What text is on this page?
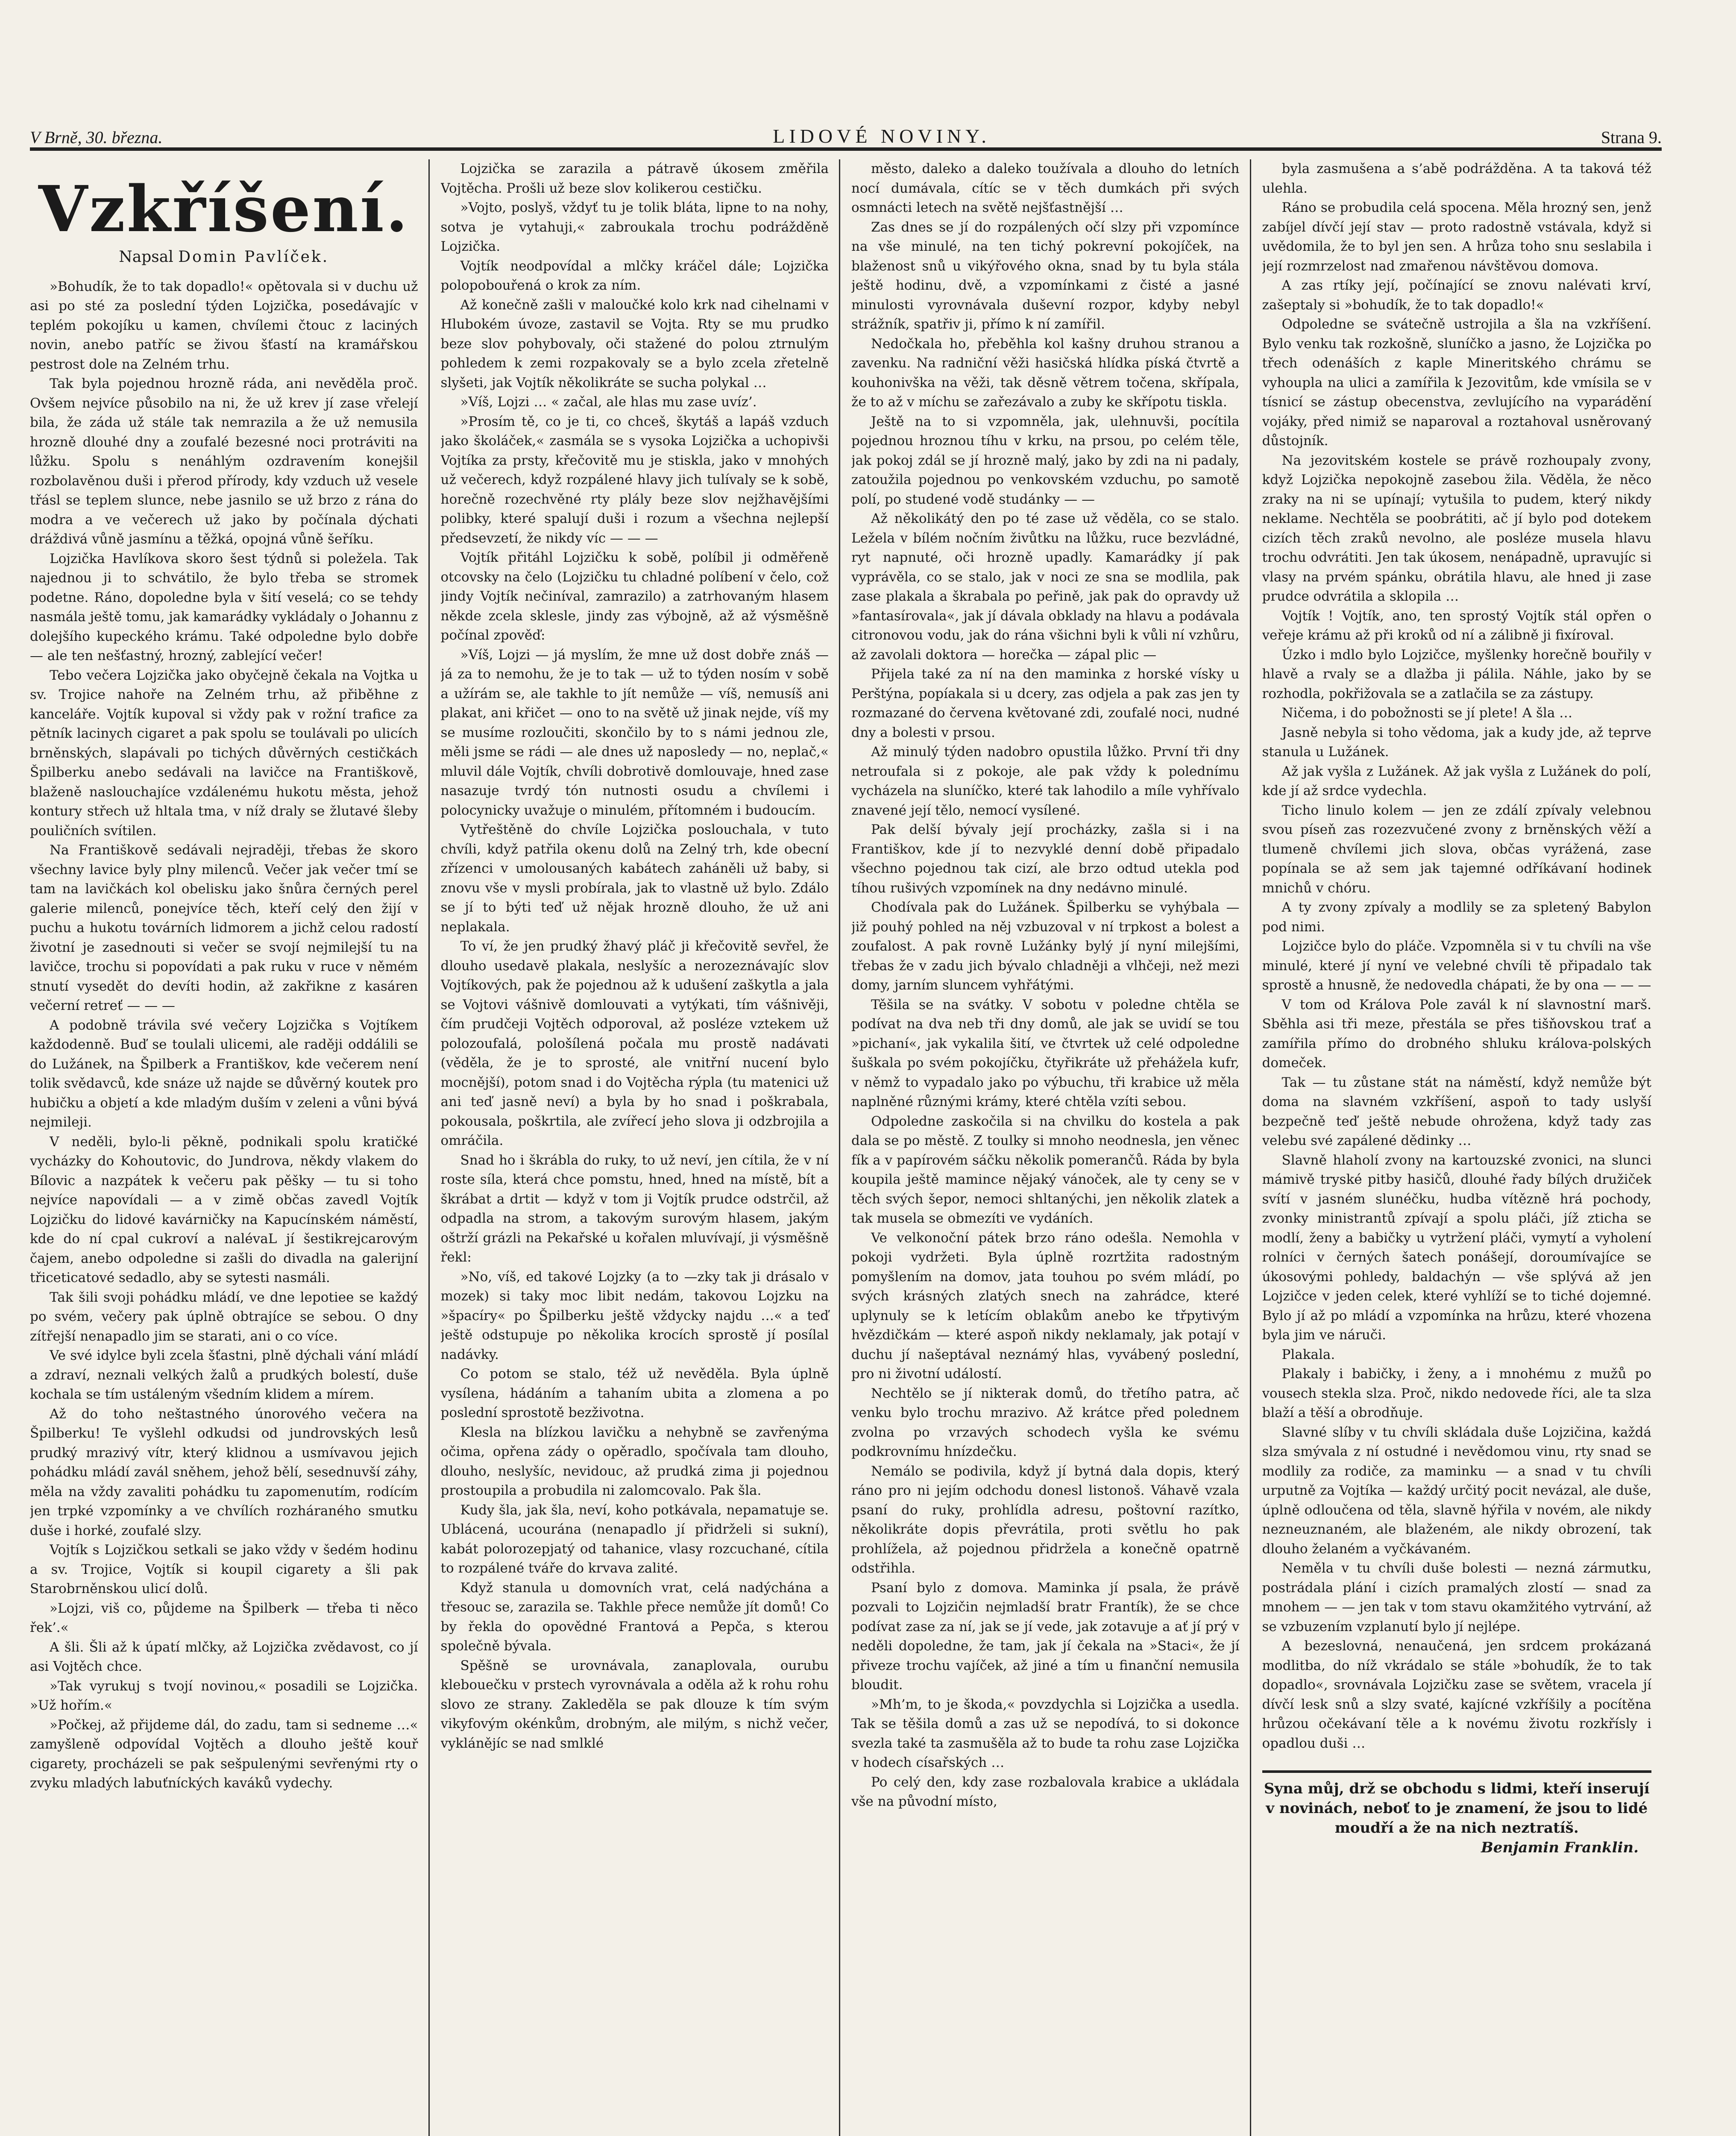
V Brně, 30. března.	LIDOVÉ NOVINY.	Strana 9.
Vzkříšení.
Napsal Domin Pavlíček.

»Bohudík, že to tak dopadlo!« opětovala si v duchu už asi po sté za poslední týden Lojzička, posedávajíc v teplém pokojíku u kamen, chvílemi čtouc z laciných novin, anebo patříc se živou šťastí na kramářskou pestrost dole na Zelném trhu.

Tak byla pojednou hrozně ráda, ani nevěděla proč. Ovšem nejvíce působilo na ni, že už krev jí zase vřelejí bila, že záda už stále tak nemrazila a že už nemusila hrozně dlouhé dny a zoufalé bezesné noci protráviti na lůžku. Spolu s nenáhlým ozdravením konejšil rozbolavěnou duši i přerod přírody, kdy vzduch už vesele třásl se teplem slunce, nebe jasnilo se už brzo z rána do modra a ve večerech už jako by počínala dýchati dráždivá vůně jasmínu a těžká, opojná vůně šeříku.

Lojzička Havlíkova skoro šest týdnů si poležela. Tak najednou ji to schvátilo, že bylo třeba se stromek podetne. Ráno, dopoledne byla v šití veselá; co se tehdy nasmála ještě tomu, jak kamarádky vykládaly o Johannu z dolejšího kupeckého krámu. Také odpoledne bylo dobře — ale ten nešťastný, hrozný, zablející večer!

Tebo večera Lojzička jako obyčejně čekala na Vojtka u sv. Trojice nahoře na Zelném trhu, až přiběhne z kanceláře. Vojtík kupoval si vždy pak v rožní trafice za pětník lacinych cigaret a pak spolu se toulávali po ulicích brněnských, slapávali po tichých důvěrných cestičkách Špilberku anebo sedávali na lavičce na Františkově, blaženě naslouchajíce vzdálenému hukotu města, jehož kontury střech už hltala tma, v níž draly se žlutavé šleby pouličních svítilen.

Na Františkově sedávali nejraději, třebas že skoro všechny lavice byly plny milenců. Večer jak večer tmí se tam na lavičkách kol obelisku jako šnůra černých perel galerie milenců, ponejvíce těch, kteří celý den žijí v puchu a hukotu továrních lidmorem a jichž celou radostí životní je zasednouti si večer se svojí nejmilejší tu na lavičce, trochu si popovídati a pak ruku v ruce v němém stnutí vysedět do devíti hodin, až zakřikne z kasáren večerní retreť — — —

A podobně trávila své večery Lojzička s Vojtíkem každodenně. Buď se toulali ulicemi, ale raději oddálili se do Lužánek, na Špilberk a Františkov, kde večerem není tolik svědavců, kde snáze už najde se důvěrný koutek pro hubičku a objetí a kde mladým duším v zeleni a vůni bývá nejmileji.

V neděli, bylo-li pěkně, podnikali spolu kratičké vycházky do Kohoutovic, do Jundrova, někdy vlakem do Bílovic a nazpátek k večeru pak pěšky — tu si toho nejvíce napovídali — a v zimě občas zavedl Vojtík Lojzičku do lidové kavárničky na Kapucínském náměstí, kde do ní cpal cukroví a nalévaL jí šestikrejcarovým čajem, anebo odpoledne si zašli do divadla na galerijní třiceticatové sedadlo, aby se sytesti nasmáli.

Tak šili svoji pohádku mládí, ve dne lepotiee se každý po svém, večery pak úplně obtrajíce se sebou. O dny zítřejší nenapadlo jim se starati, ani o co více.

Ve své idylce byli zcela šťastni, plně dýchali vání mládí a zdraví, neznali velkých žalů a prudkých bolestí, duše kochala se tím ustáleným všedním klidem a mírem.

Až do toho neštastného únorového večera na Špilberku! Te vyšlehl odkudsi od jundrovských lesů prudký mrazivý vítr, který klidnou a usmívavou jejich pohádku mládí zavál sněhem, jehož bělí, sesednuvší záhy, měla na vždy zavaliti pohádku tu zapomenutím, rodícím jen trpké vzpomínky a ve chvílích rozháraného smutku duše i horké, zoufalé slzy.

Vojtík s Lojzičkou setkali se jako vždy v šedém hodinu a sv. Trojice, Vojtík si koupil cigarety a šli pak Starobrněnskou ulicí dolů.

»Lojzi, viš co, půjdeme na Špilberk — třeba ti něco řek’.«

A šli. Šli až k úpatí mlčky, až Lojzička zvědavost, co jí asi Vojtěch chce.

»Tak vyrukuj s tvojí novinou,« posadili se Lojzička. »Už hořím.«

»Počkej, až přijdeme dál, do zadu, tam si sedneme …« zamyšleně odpovídal Vojtěch a dlouho ještě kouř cigarety, procházeli se pak sešpulenými sevřenými rty o zvyku mladých labuťníckých kaváků vydechy.

Lojzička se zarazila a pátravě úkosem změřila Vojtěcha. Prošli už beze slov kolikerou cestičku.

»Vojto, poslyš, vždyť tu je tolik bláta, lipne to na nohy, sotva je vytahuji,« zabroukala trochu podrážděně Lojzička.

Vojtík neodpovídal a mlčky kráčel dále; Lojzička polopobouřená o krok za ním.

Až konečně zašli v maloučké kolo krk nad cihelnami v Hlubokém úvoze, zastavil se Vojta. Rty se mu prudko beze slov pohybovaly, oči stažené do polou ztrnulým pohledem k zemi rozpakovaly se a bylo zcela zřetelně slyšeti, jak Vojtík několikráte se sucha polykal …

»Víš, Lojzi … « začal, ale hlas mu zase uvíz’.

»Prosím tě, co je ti, co chceš, škytáš a lapáš vzduch jako školáček,« zasmála se s vysoka Lojzička a uchopivši Vojtíka za prsty, křečovitě mu je stiskla, jako v mnohých už večerech, když rozpálené hlavy jich tulívaly se k sobě, horečně rozechvěné rty plály beze slov nejžhavějšími polibky, které spalují duši i rozum a všechna nejlepší předsevzetí, že nikdy víc — — —

Vojtík přitáhl Lojzičku k sobě, políbil ji odměřeně otcovsky na čelo (Lojzičku tu chladné políbení v čelo, což jindy Vojtík nečiníval, zamrazilo) a zatrhovaným hlasem někde zcela sklesle, jindy zas výbojně, až až výsměšně počínal zpověď:

»Víš, Lojzi — já myslím, že mne už dost dobře znáš — já za to nemohu, že je to tak — už to týden nosím v sobě a užírám se, ale takhle to jít nemůže — víš, nemusíš ani plakat, ani křičet — ono to na světě už jinak nejde, víš my se musíme rozloučiti, skončilo by to s námi jednou zle, měli jsme se rádi — ale dnes už naposledy — no, neplač,« mluvil dále Vojtík, chvíli dobrotivě domlouvaje, hned zase nasazuje tvrdý tón nutnosti osudu a chvílemi i polocynicky uvažuje o minulém, přítomném i budoucím.

Vytřeštěně do chvíle Lojzička poslouchala, v tuto chvíli, když patřila okenu dolů na Zelný trh, kde obecní zřízenci v umolousaných kabátech zaháněli už baby, si znovu vše v mysli probírala, jak to vlastně už bylo. Zdálo se jí to býti teď už nějak hrozně dlouho, že už ani neplakala.

To ví, že jen prudký žhavý pláč ji křečovitě sevřel, že dlouho usedavě plakala, neslyšíc a nerozeznávajíc slov Vojtíkových, pak že pojednou až k udušení zaškytla a jala se Vojtovi vášnivě domlouvati a vytýkati, tím vášnivěji, čím prudčeji Vojtěch odporoval, až posléze vztekem už polozoufalá, pološílená počala mu prostě nadávati (věděla, že je to sprosté, ale vnitřní nucení bylo mocnější), potom snad i do Vojtěcha rýpla (tu matenici už ani teď jasně neví) a byla by ho snad i poškrabala, pokousala, poškrtila, ale zvířecí jeho slova ji odzbrojila a omráčila.

Snad ho i škrábla do ruky, to už neví, jen cítila, že v ní roste síla, která chce pomstu, hned, hned na místě, bít a škrábat a drtit — když v tom ji Vojtík prudce odstrčil, až odpadla na strom, a takovým surovým hlasem, jakým oštrží grázli na Pekařské u kořalen mluvívají, ji výsměšně řekl:

»No, víš, ed takové Lojzky (a to —zky tak ji drásalo v mozek) si taky moc libit nedám, takovou Lojzku na »špacíry« po Špilberku ještě vždycky najdu …« a teď ještě odstupuje po několika krocích sprostě jí posílal nadávky.

Co potom se stalo, též už nevěděla. Byla úplně vysílena, hádáním a tahaním ubita a zlomena a po poslední sprostotě bezživotna.

Klesla na blízkou lavičku a nehybně se zavřenýma očima, opřena zády o opěradlo, spočívala tam dlouho, dlouho, neslyšíc, nevidouc, až prudká zima ji pojednou prostoupila a probudila ni zalomcovalo. Pak šla.

Kudy šla, jak šla, neví, koho potkávala, nepamatuje se. Ublácená, ucourána (nenapadlo jí přidrželi si sukní), kabát polorozepjatý od tahanice, vlasy rozcuchané, cítila to rozpálené tváře do krvava zalité.

Když stanula u domovních vrat, celá nadýchána a třesouc se, zarazila se. Takhle přece nemůže jít domů! Co by řekla do opovědné Frantová a Pepča, s kterou společně bývala.

Spěšně se urovnávala, zanaplovala, ourubu klebouečku v prstech vyrovnávala a oděla až k rohu rohu slovo ze strany. Zakleděla se pak dlouze k tím svým vikyfovým okénkům, drobným, ale milým, s nichž večer, vyklánějíc se nad smlklé

město, daleko a daleko toužívala a dlouho do letních nocí dumávala, cítíc se v těch dumkách při svých osmnácti letech na světě nejšťastnější …

Zas dnes se jí do rozpálených očí slzy při vzpomínce na vše minulé, na ten tichý pokrevní pokojíček, na blaženost snů u vikýřového okna, snad by tu byla stála ještě hodinu, dvě, a vzpomínkami z čisté a jasné minulosti vyrovnávala duševní rozpor, kdyby nebyl strážník, spatřiv ji, přímo k ní zamířil.

Nedočkala ho, přeběhla kol kašny druhou stranou a zavenku. Na radniční věži hasičská hlídka píská čtvrtě a kouhonivška na věži, tak děsně větrem točena, skřípala, že to až v míchu se zařezávalo a zuby ke skřípotu tiskla.

Ještě na to si vzpomněla, jak, ulehnuvši, pocítila pojednou hroznou tíhu v krku, na prsou, po celém těle, jak pokoj zdál se jí hrozně malý, jako by zdi na ni padaly, zatoužila pojednou po venkovském vzduchu, po samotě polí, po studené vodě studánky — —

Až několikátý den po té zase už věděla, co se stalo. Ležela v bílém nočním živůtku na lůžku, ruce bezvládné, ryt napnuté, oči hrozně upadly. Kamarádky jí pak vyprávěla, co se stalo, jak v noci ze sna se modlila, pak zase plakala a škrabala po peřině, jak pak do opravdy už »fantasírovala«, jak jí dávala obklady na hlavu a podávala citronovou vodu, jak do rána všichni byli k vůli ní vzhůru, až zavolali doktora — horečka — zápal plic —

Přijela také za ní na den maminka z horské vísky u Perštýna, popíakala si u dcery, zas odjela a pak zas jen ty rozmazané do červena květované zdi, zoufalé noci, nudné dny a bolesti v prsou.

Až minulý týden nadobro opustila lůžko. První tři dny netroufala si z pokoje, ale pak vždy k polednímu vycházela na sluníčko, které tak lahodilo a míle vyhřívalo znavené její tělo, nemocí vysílené.

Pak delší bývaly její procházky, zašla si i na Františkov, kde jí to nezvyklé denní době připadalo všechno pojednou tak cizí, ale brzo odtud utekla pod tíhou rušivých vzpomínek na dny nedávno minulé.

Chodívala pak do Lužánek. Špilberku se vyhýbala — již pouhý pohled na něj vzbuzoval v ní trpkost a bolest a zoufalost. A pak rovně Lužánky bylý jí nyní milejšími, třebas že v zadu jich bývalo chladněji a vlhčeji, než mezi domy, jarním sluncem vyhřátými.

Těšila se na svátky. V sobotu v poledne chtěla se podívat na dva neb tři dny domů, ale jak se uvidí se tou »pichaní«, jak vykalila šití, ve čtvrtek už celé odpoledne šuškala po svém pokojíčku, čtyřikráte už přehážela kufr, v němž to vypadalo jako po výbuchu, tři krabice už měla naplněné různými krámy, které chtěla vzíti sebou.

Odpoledne zaskočila si na chvilku do kostela a pak dala se po městě. Z toulky si mnoho neodnesla, jen věnec fík a v papírovém sáčku několik pomerančů. Ráda by byla koupila ještě mamince nějaký vánoček, ale ty ceny se v těch svých šepor, nemoci shltanýchi, jen několik zlatek a tak musela se obmezíti ve vydáních.

Ve velkonoční pátek brzo ráno odešla. Nemohla v pokoji vydržeti. Byla úplně rozrtžita radostným pomyšlením na domov, jata touhou po svém mládí, po svých krásných zlatých snech na zahrádce, které uplynuly se k letícím oblakům anebo ke třpytivým hvězdičkám — které aspoň nikdy neklamaly, jak potají v duchu jí našeptával neznámý hlas, vyvábený poslední, pro ni životní událostí.

Nechtělo se jí nikterak domů, do třetího patra, ač venku bylo trochu mrazivo. Až krátce před polednem zvolna po vrzavých schodech vyšla ke svému podkrovnímu hnízdečku.

Nemálo se podivila, když jí bytná dala dopis, který ráno pro ni jejím odchodu donesl listonoš. Váhavě vzala psaní do ruky, prohlídla adresu, poštovní razítko, několikráte dopis převrátila, proti světlu ho pak prohlížela, až pojednou přidržela a konečně opatrně odstřihla.

Psaní bylo z domova. Maminka jí psala, že právě pozvali to Lojzičin nejmladší bratr Frantík), že se chce podívat zase za ní, jak se jí vede, jak zotavuje a ať jí prý v neděli dopoledne, že tam, jak jí čekala na »Staci«, že jí přiveze trochu vajíček, až jiné a tím u finanční nemusila bloudit.

»Mh’m, to je škoda,« povzdychla si Lojzička a usedla. Tak se těšila domů a zas už se nepodívá, to si dokonce svezla také ta zasmušěla až to bude ta rohu zase Lojzička v hodech císařských …

Po celý den, kdy zase rozbalovala krabice a ukládala vše na původní místo,

byla zasmušena a s’abě podrážděna. A ta taková též ulehla.

Ráno se probudila celá spocena. Měla hrozný sen, jenž zabíjel dívčí její stav — proto radostně vstávala, když si uvědomila, že to byl jen sen. A hrůza toho snu seslabila i její rozmrzelost nad zmařenou návštěvou domova.

A zas rtíky její, počínající se znovu nalévati krví, zašeptaly si »bohudík, že to tak dopadlo!«

Odpoledne se svátečně ustrojila a šla na vzkříšení. Bylo venku tak rozkošně, sluníčko a jasno, že Lojzička po třech odenáších z kaple Mineritského chrámu se vyhoupla na ulici a zamířila k Jezovitům, kde vmísila se v tísnicí se zástup obecenstva, zevlujícího na vyparádění vojáky, před nimiž se naparoval a roztahoval usněrovaný důstojník.

Na jezovitském kostele se právě rozhoupaly zvony, když Lojzička nepokojně zasebou žila. Věděla, že něco zraky na ni se upínají; vytušila to pudem, který nikdy neklame. Nechtěla se poobrátiti, ač jí bylo pod dotekem cizích těch zraků nevolno, ale posléze musela hlavu trochu odvrátiti. Jen tak úkosem, nenápadně, upravujíc si vlasy na prvém spánku, obrátila hlavu, ale hned ji zase prudce odvrátila a sklopila …

Vojtík ! Vojtík, ano, ten sprostý Vojtík stál opřen o veřeje krámu až při kroků od ní a zálibně ji fixíroval.

Úzko i mdlo bylo Lojzičce, myšlenky horečně bouřily v hlavě a rvaly se a dlažba ji pálila. Náhle, jako by se rozhodla, pokřižovala se a zatlačila se za zástupy.

Ničema, i do pobožnosti se jí plete! A šla …

Jasně nebyla si toho vědoma, jak a kudy jde, až teprve stanula u Lužánek.

Až jak vyšla z Lužánek. Až jak vyšla z Lužánek do polí, kde jí až srdce vydechla.

Ticho linulo kolem — jen ze zdálí zpívaly velebnou svou píseň zas rozezvučené zvony z brněnských věží a tlumeně chvílemi jich slova, občas vyrážená, zase popínala se až sem jak tajemné odříkávaní hodinek mnichů v chóru.

A ty zvony zpívaly a modlily se za spletený Babylon pod nimi.

Lojzičce bylo do pláče. Vzpomněla si v tu chvíli na vše minulé, které jí nyní ve velebné chvíli tě připadalo tak sprostě a hnusně, že nedovedla chápati, že by ona — — —

V tom od Králova Pole zavál k ní slavnostní marš. Sběhla asi tři meze, přestála se přes tišňovskou trať a zamířila přímo do drobného shluku králova-polských domeček.

Tak — tu zůstane stát na náměstí, když nemůže být doma na slavném vzkříšení, aspoň to tady uslyší bezpečně teď ještě nebude ohrožena, když tady zas velebu své zapálené dědinky …

Slavně hlaholí zvony na kartouzské zvonici, na slunci mámivě tryské pitby hasičů, dlouhé řady bílých družiček svítí v jasném slunéčku, hudba vítězně hrá pochody, zvonky ministrantů zpívají a spolu pláči, jíž zticha se modlí, ženy a babičky u vytržení pláči, vymytí a vyholení rolníci v černých šatech ponášejí, doroumívajíce se úkosovými pohledy, baldachýn — vše splývá až jen Lojzičce v jeden celek, které vyhlíží se to tiché dojemné. Bylo jí až po mládí a vzpomínka na hrůzu, které vhozena byla jim ve náruči.

Plakala.

Plakaly i babičky, i ženy, a i mnohému z mužů po vousech stekla slza. Proč, nikdo nedovede říci, ale ta slza blaží a těší a obrodňuje.

Slavné slíby v tu chvíli skládala duše Lojzičina, každá slza smývala z ní ostudné i nevědomou vinu, rty snad se modlily za rodiče, za maminku — a snad v tu chvíli urputně za Vojtíka — každý určitý pocit nevázal, ale duše, úplně odloučena od těla, slavně hýřila v novém, ale nikdy nezneuznaném, ale blaženém, ale nikdy obrození, tak dlouho želaném a vyčkávaném.

Neměla v tu chvíli duše bolesti — nezná zármutku, postrádala plání i cizích pramalých zlostí — snad za mnohem — — jen tak v tom stavu okamžitého vytrvání, až se vzbuzením vzplanutí bylo jí nejlépe.

A bezeslovná, nenaučená, jen srdcem prokázaná modlitba, do níž vkrádalo se stále »bohudík, že to tak dopadlo«, srovnávala Lojzičku zase se světem, vracela jí dívčí lesk snů a slzy svaté, kajícné vzkříšily a pocítěna hrůzou očekávaní těle a k novému životu rozkřísly i opadlou duši …

Syna můj, drž se obchodu s lidmi, kteří inserují v novinách, neboť to je znamení, že jsou to lidé moudří a že na nich neztratíš.
Benjamin Franklin.
